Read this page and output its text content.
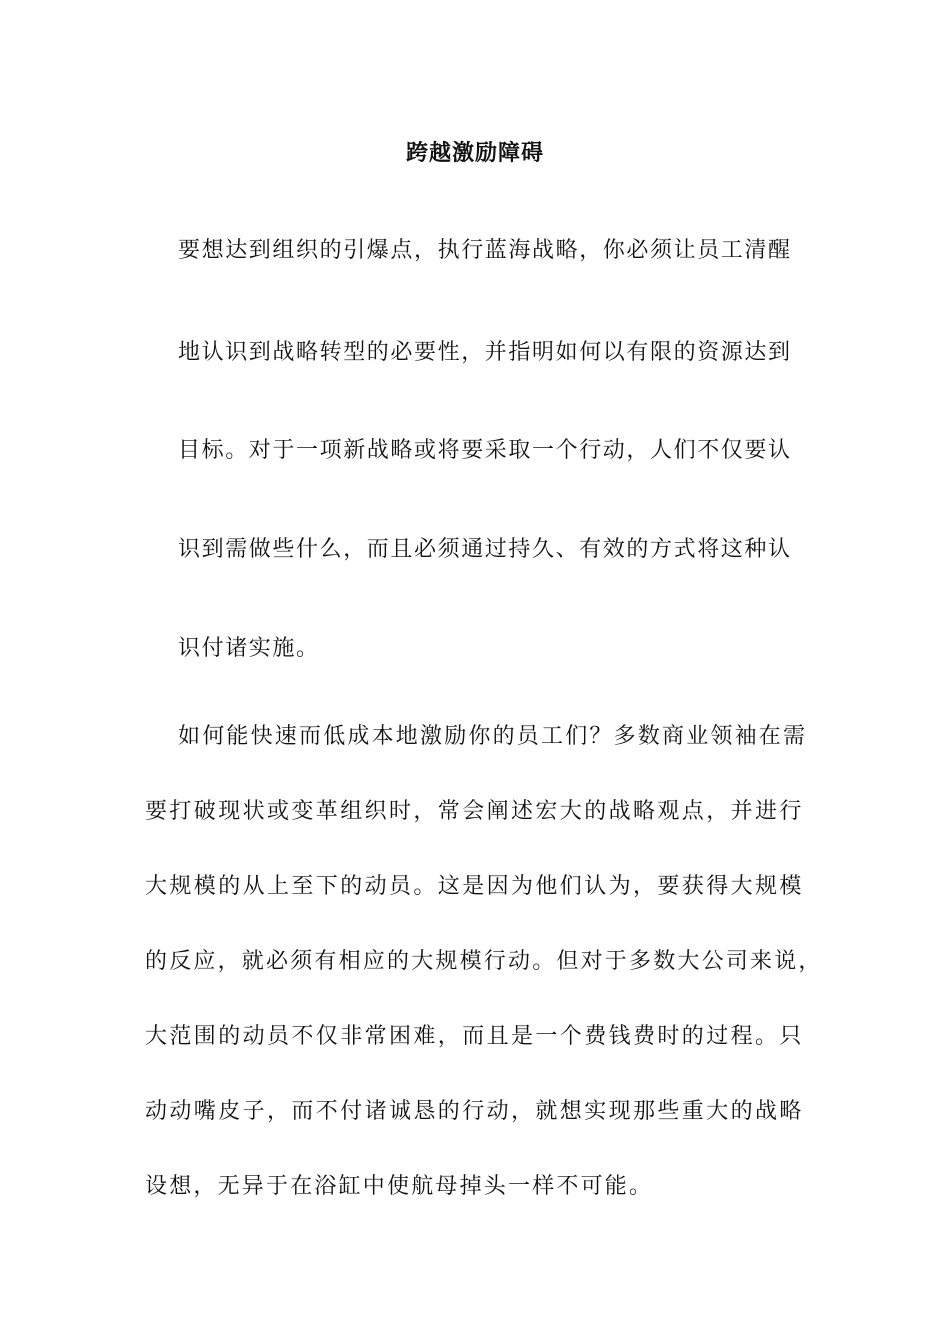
跨越激励障碍
要想达到组织的引爆点，执行蓝海战略，你必须让员工清醒
地认识到战略转型的必要性，并指明如何以有限的资源达到
目标。对于一项新战略或将要采取一个行动，人们不仅要认
识到需做些什么，而且必须通过持久、有效的方式将这种认
识付诸实施。
如何能快速而低成本地激励你的员工们？多数商业领袖在需
要打破现状或变革组织时，常会阐述宏大的战略观点，并进行
大规模的从上至下的动员。这是因为他们认为，要获得大规模
的反应，就必须有相应的大规模行动。但对于多数大公司来说，
大范围的动员不仅非常困难，而且是一个费钱费时的过程。只
动动嘴皮子，而不付诸诚恳的行动，就想实现那些重大的战略
设想，无异于在浴缸中使航母掉头一样不可能。
